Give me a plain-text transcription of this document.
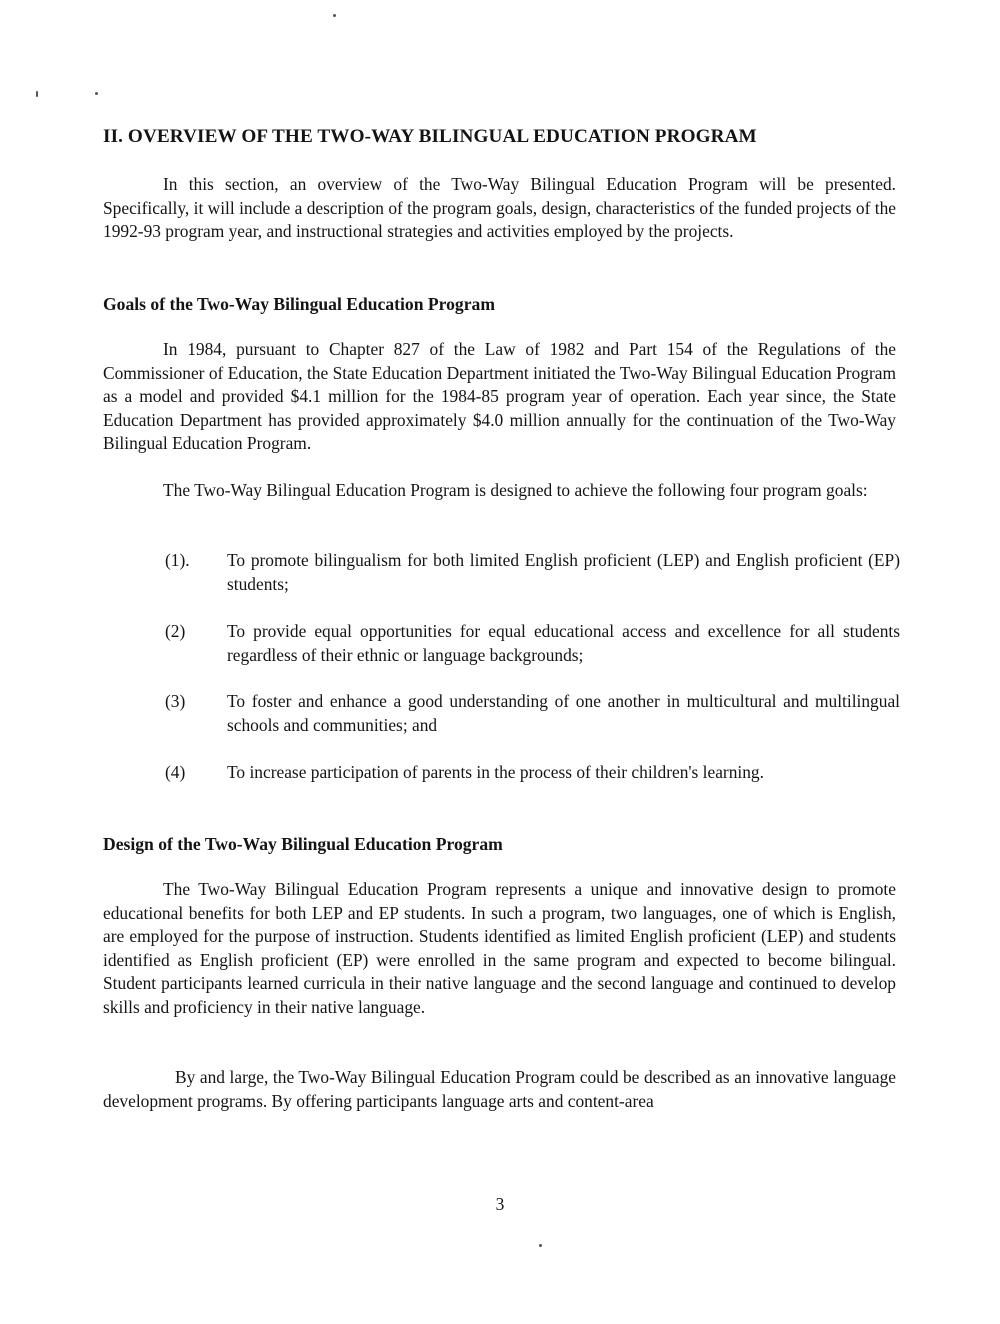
II. OVERVIEW OF THE TWO-WAY BILINGUAL EDUCATION PROGRAM

In this section, an overview of the Two-Way Bilingual Education Program will be presented. Specifically, it will include a description of the program goals, design, characteristics of the funded projects of the 1992-93 program year, and instructional strategies and activities employed by the projects.

Goals of the Two-Way Bilingual Education Program

In 1984, pursuant to Chapter 827 of the Law of 1982 and Part 154 of the Regulations of the Commissioner of Education, the State Education Department initiated the Two-Way Bilingual Education Program as a model and provided $4.1 million for the 1984-85 program year of operation. Each year since, the State Education Department has provided approximately $4.0 million annually for the continuation of the Two-Way Bilingual Education Program.

The Two-Way Bilingual Education Program is designed to achieve the following four program goals:

(1).	To promote bilingualism for both limited English proficient (LEP) and English proficient (EP) students;
(2)	To provide equal opportunities for equal educational access and excellence for all students regardless of their ethnic or language backgrounds;
(3)	To foster and enhance a good understanding of one another in multicultural and multilingual schools and communities; and
(4)	To increase participation of parents in the process of their children's learning.
Design of the Two-Way Bilingual Education Program

The Two-Way Bilingual Education Program represents a unique and innovative design to promote educational benefits for both LEP and EP students. In such a program, two languages, one of which is English, are employed for the purpose of instruction. Students identified as limited English proficient (LEP) and students identified as English proficient (EP) were enrolled in the same program and expected to become bilingual. Student participants learned curricula in their native language and the second language and continued to develop skills and proficiency in their native language.

By and large, the Two-Way Bilingual Education Program could be described as an innovative language development programs. By offering participants language arts and content-area

3
